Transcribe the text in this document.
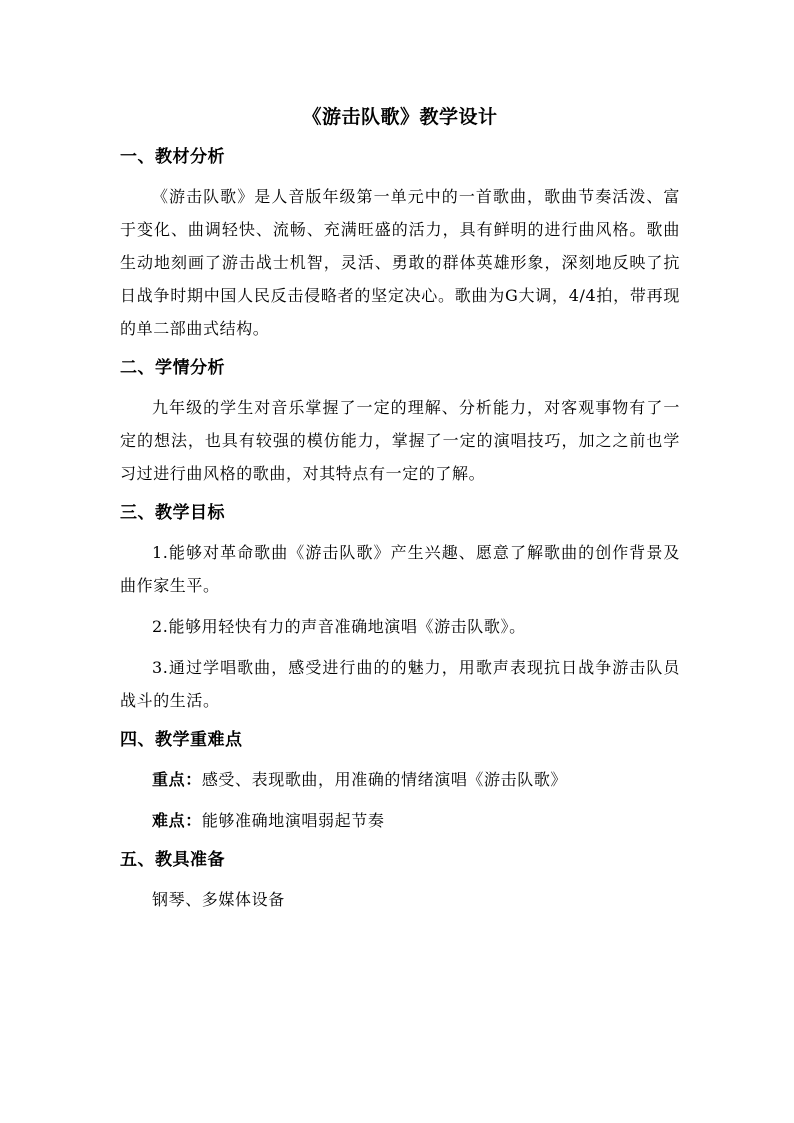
《游击队歌》教学设计
一、教材分析

《游击队歌》是人音版年级第一单元中的一首歌曲，歌曲节奏活泼、富于变化、曲调轻快、流畅、充满旺盛的活力，具有鲜明的进行曲风格。歌曲生动地刻画了游击战士机智，灵活、勇敢的群体英雄形象，深刻地反映了抗日战争时期中国人民反击侵略者的坚定决心。歌曲为G大调，4/4拍，带再现的单二部曲式结构。

二、学情分析

九年级的学生对音乐掌握了一定的理解、分析能力，对客观事物有了一定的想法，也具有较强的模仿能力，掌握了一定的演唱技巧，加之之前也学习过进行曲风格的歌曲，对其特点有一定的了解。

三、教学目标

1.能够对革命歌曲《游击队歌》产生兴趣、愿意了解歌曲的创作背景及曲作家生平。

2.能够用轻快有力的声音准确地演唱《游击队歌》。

3.通过学唱歌曲，感受进行曲的的魅力，用歌声表现抗日战争游击队员战斗的生活。

四、教学重难点

重点：感受、表现歌曲，用准确的情绪演唱《游击队歌》

难点：能够准确地演唱弱起节奏

五、教具准备

钢琴、多媒体设备
